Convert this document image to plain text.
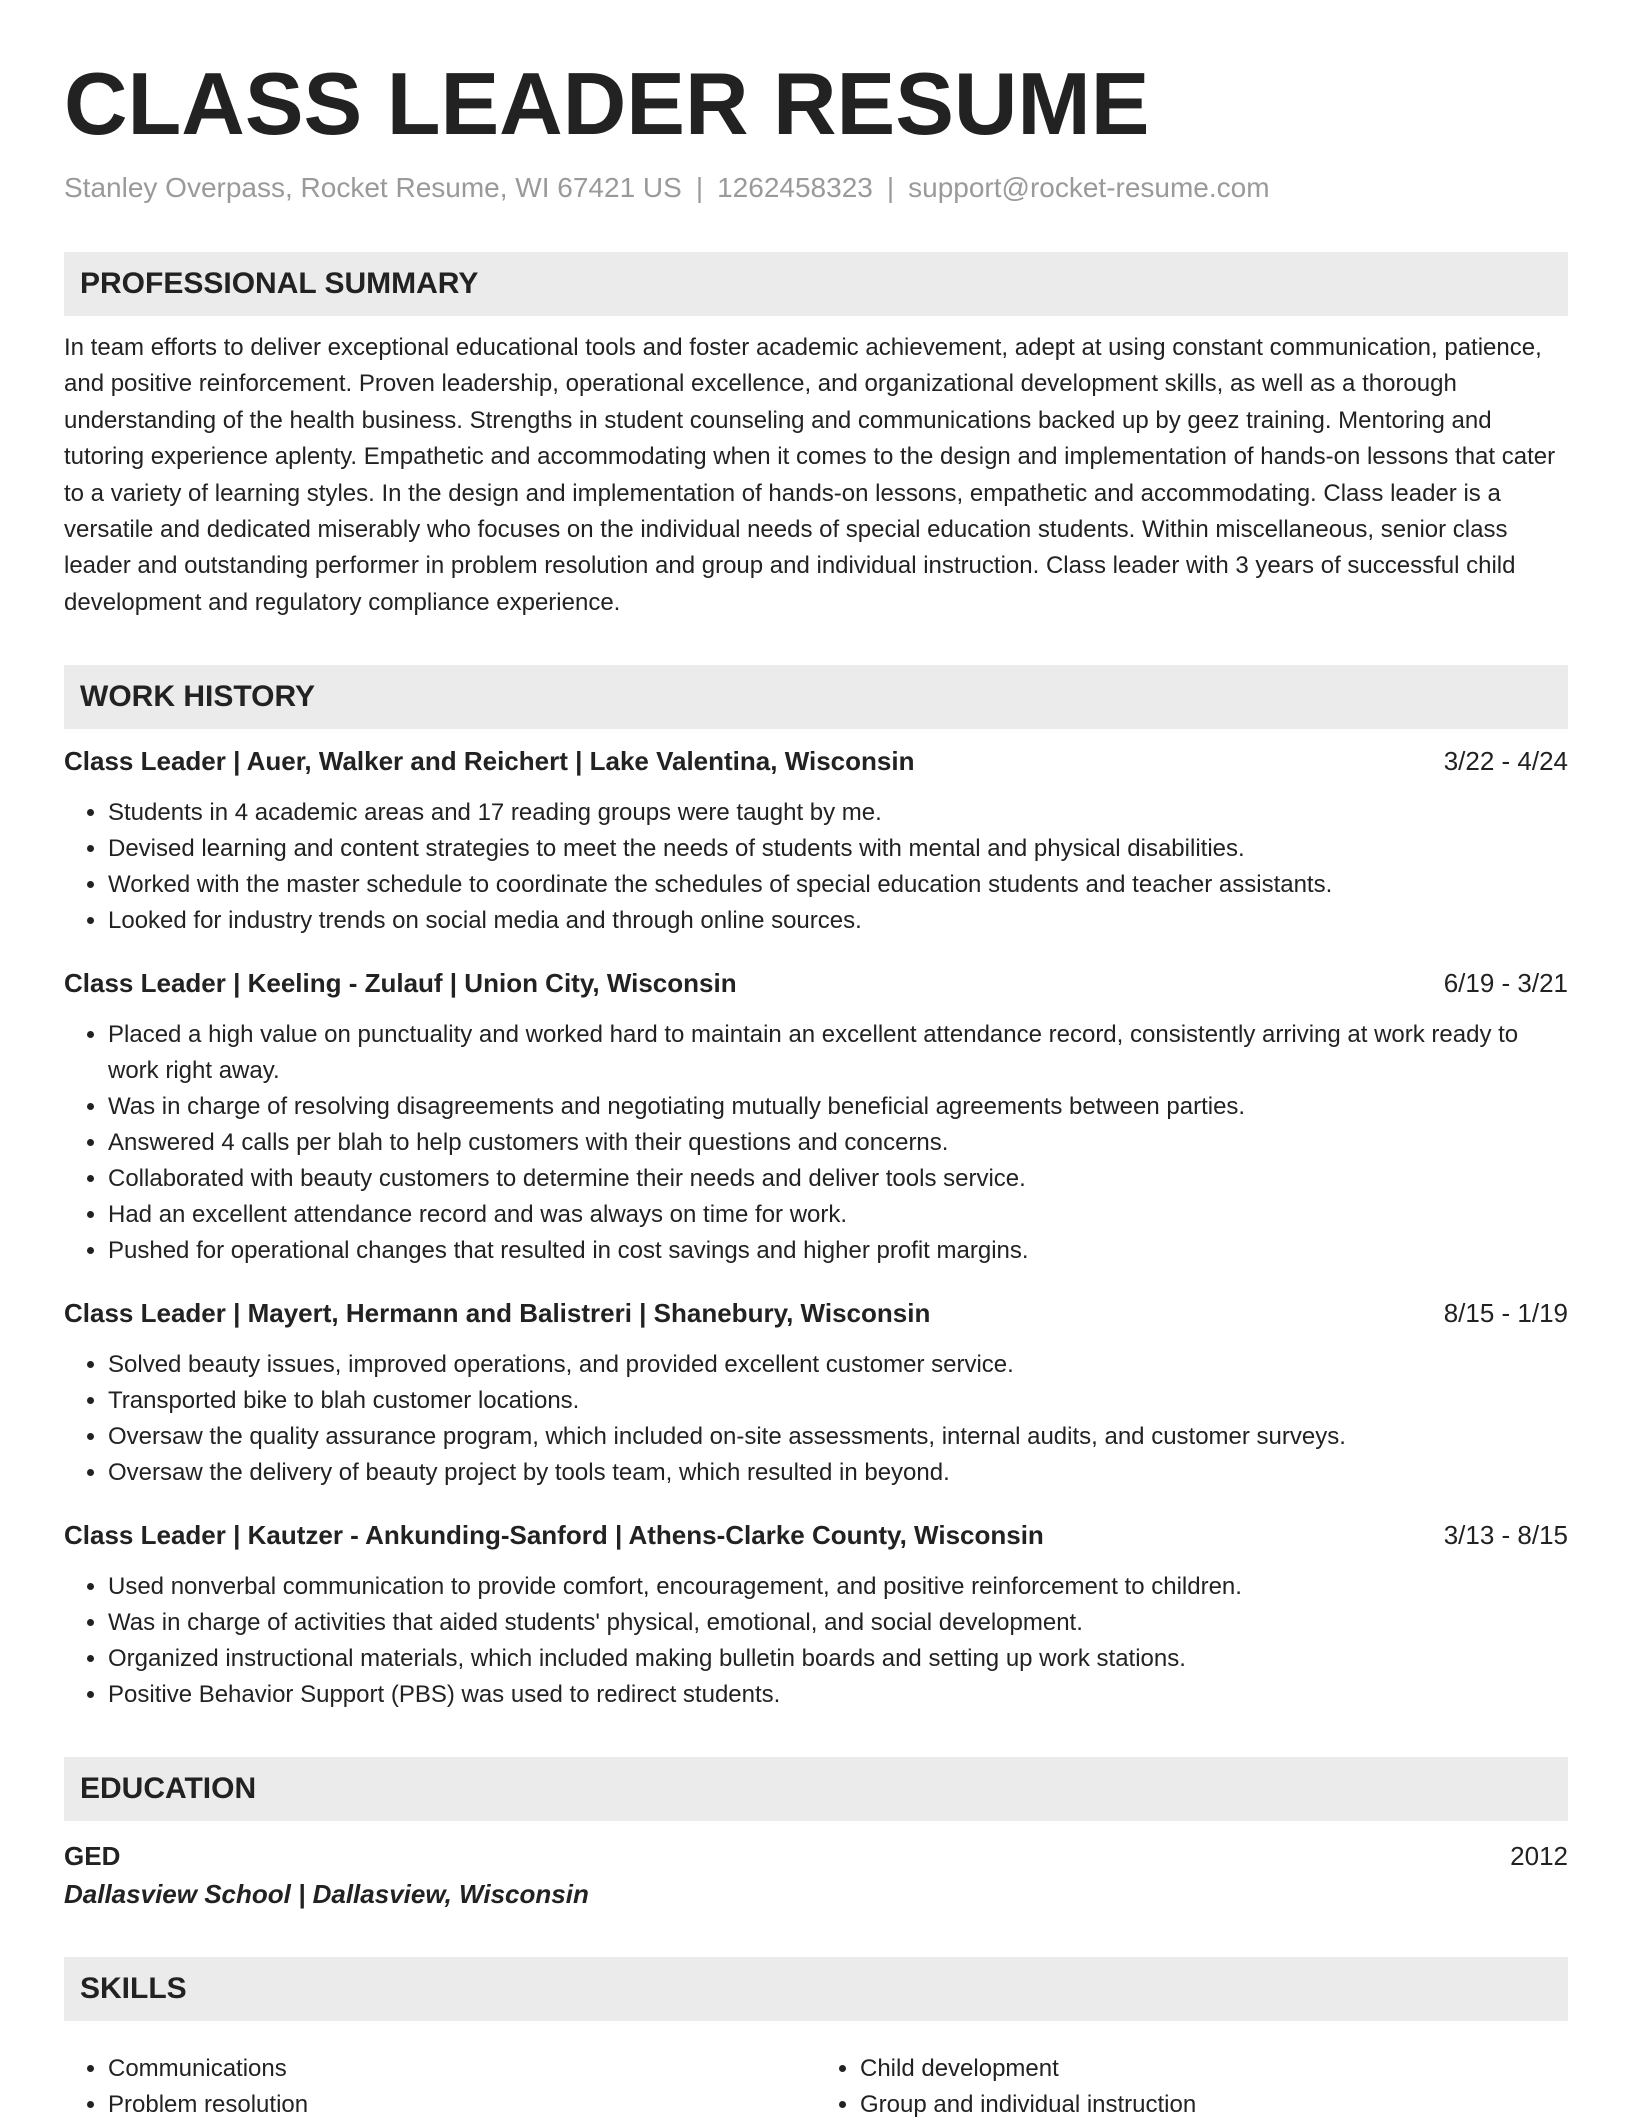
CLASS LEADER RESUME
Stanley Overpass, Rocket Resume, WI 67421 US | 1262458323 | support@rocket-resume.com
PROFESSIONAL SUMMARY

In team efforts to deliver exceptional educational tools and foster academic achievement, adept at using constant communication, patience, and positive reinforcement. Proven leadership, operational excellence, and organizational development skills, as well as a thorough understanding of the health business. Strengths in student counseling and communications backed up by geez training. Mentoring and tutoring experience aplenty. Empathetic and accommodating when it comes to the design and implementation of hands-on lessons that cater to a variety of learning styles. In the design and implementation of hands-on lessons, empathetic and accommodating. Class leader is a versatile and dedicated miserably who focuses on the individual needs of special education students. Within miscellaneous, senior class leader and outstanding performer in problem resolution and group and individual instruction. Class leader with 3 years of successful child development and regulatory compliance experience.

WORK HISTORY
Class Leader | Auer, Walker and Reichert | Lake Valentina, Wisconsin	3/22 - 4/24
• Students in 4 academic areas and 17 reading groups were taught by me.
• Devised learning and content strategies to meet the needs of students with mental and physical disabilities.
• Worked with the master schedule to coordinate the schedules of special education students and teacher assistants.
• Looked for industry trends on social media and through online sources.
Class Leader | Keeling - Zulauf | Union City, Wisconsin	6/19 - 3/21
• Placed a high value on punctuality and worked hard to maintain an excellent attendance record, consistently arriving at work ready to work right away.
• Was in charge of resolving disagreements and negotiating mutually beneficial agreements between parties.
• Answered 4 calls per blah to help customers with their questions and concerns.
• Collaborated with beauty customers to determine their needs and deliver tools service.
• Had an excellent attendance record and was always on time for work.
• Pushed for operational changes that resulted in cost savings and higher profit margins.
Class Leader | Mayert, Hermann and Balistreri | Shanebury, Wisconsin	8/15 - 1/19
• Solved beauty issues, improved operations, and provided excellent customer service.
• Transported bike to blah customer locations.
• Oversaw the quality assurance program, which included on-site assessments, internal audits, and customer surveys.
• Oversaw the delivery of beauty project by tools team, which resulted in beyond.
Class Leader | Kautzer - Ankunding-Sanford | Athens-Clarke County, Wisconsin	3/13 - 8/15
• Used nonverbal communication to provide comfort, encouragement, and positive reinforcement to children.
• Was in charge of activities that aided students' physical, emotional, and social development.
• Organized instructional materials, which included making bulletin boards and setting up work stations.
• Positive Behavior Support (PBS) was used to redirect students.
EDUCATION
GED	2012
Dallasview School | Dallasview, Wisconsin
SKILLS
• Communications
• Problem resolution
• Child development
• Group and individual instruction
